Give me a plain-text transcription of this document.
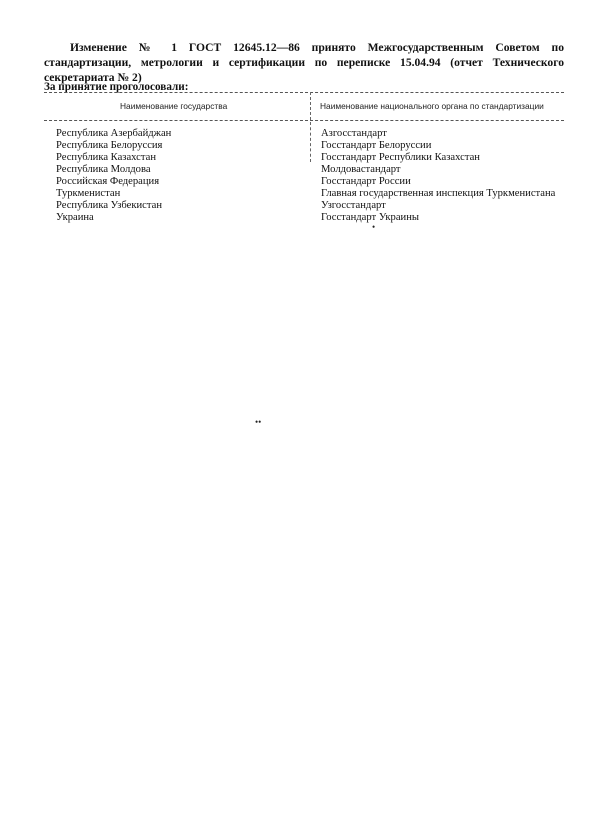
Изменение № 1 ГОСТ 12645.12—86 принято Межгосударственным Советом по стандартизации, метрологии и сертификации по переписке 15.04.94 (отчет Технического секретариата № 2)
За принятие проголосовали:
Наименование государства	Наименование национального органа по стандартизации
Республика Азербайджан	Азгосстандарт
Республика Белоруссия	Госстандарт Белоруссии
Республика Казахстан	Госстандарт Республики Казахстан
Республика Молдова	Молдовастандарт
Российская Федерация	Госстандарт России
Туркменистан	Главная государственная инспекция Туркменистана
Республика Узбекистан	Узгосстандарт
Украина	Госстандарт Украины
•
••
